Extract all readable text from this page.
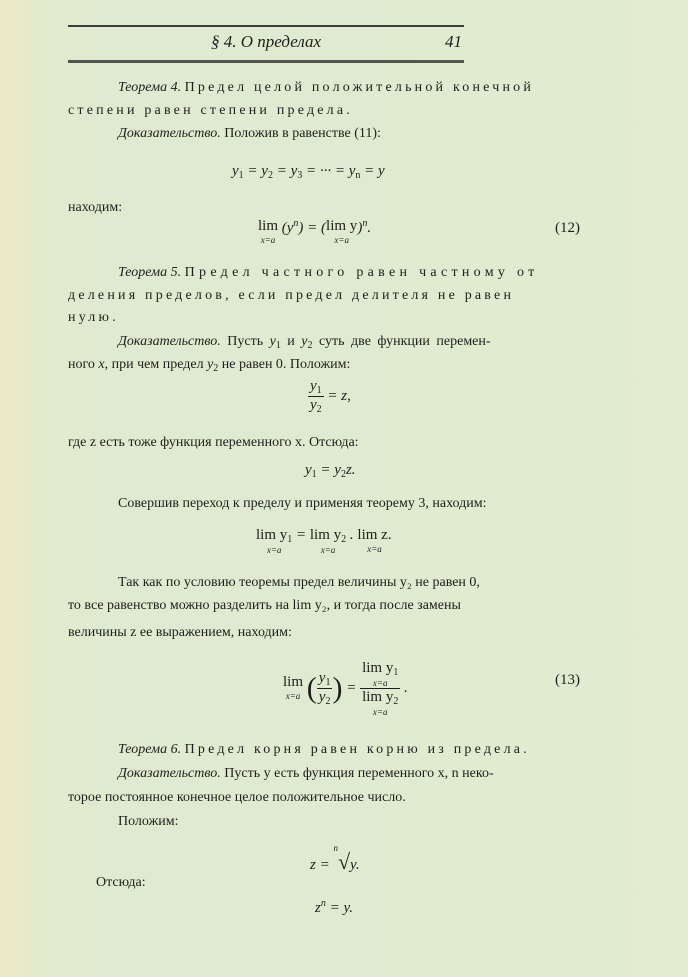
§ 4. О пределах	41
Теорема 4. Предел целой положительной конечной
степени равен степени предела.
Доказательство. Положив в равенстве (11):
$y_1 = y_2 = y_3$ = ··· = $y_n = y$
находим:
lim
x=a
$(y^n) = (\lim$ y
x=a
)$^n$.	(12)
Теорема 5. Предел частного равен частному от
деления пределов, если предел делителя не равен
нулю.
Доказательство. Пусть $y_1$ и $y_2$ суть две функции перемен-
ного x, при чем предел $y_2$ не равен 0. Положим:
$\frac{y_1}{y_2} = z$,
где z есть тоже функция переменного x. Отсюда:
$y_1 = y_2z$.
Совершив переход к пределу и применяя теорему 3, находим:
$\lim y_1$
x=a
= $\lim y_2$
x=a
. lim z.
x=a
Так как по условию теоремы предел величины y₂ не равен 0,
то все равенство можно разделить на lim y₂, и тогда после замены
величины z ее выражением, находим:
lim
x=a ( $\frac{y_1}{y_2}$ ) = $\lim y_1$
x=a
$\lim y_2$
x=a .	(13)
Теорема 6. Предел корня равен корню из предела.
Доказательство. Пусть y есть функция переменного x, n неко-
торое постоянное конечное целое положительное число.
Положим:
z = $^n$√y.
Отсюда:
$z^n = y$.
